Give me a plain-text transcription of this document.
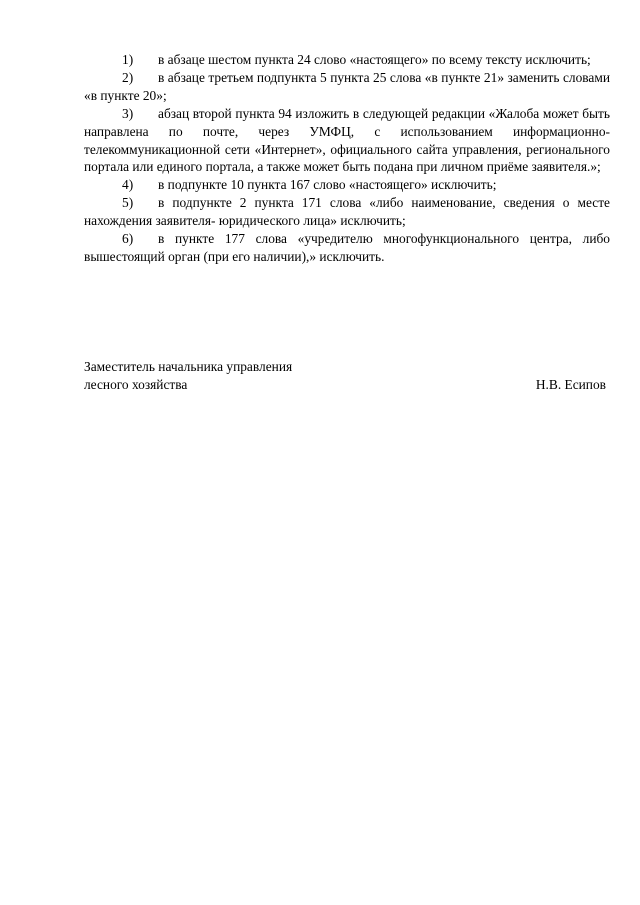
1) в абзаце шестом пункта 24 слово «настоящего» по всему тексту исключить;

2) в абзаце третьем подпункта 5 пункта 25 слова «в пункте 21» заменить словами «в пункте 20»;

3) абзац второй пункта 94 изложить в следующей редакции «Жалоба может быть направлена по почте, через УМФЦ, с использованием информационно-телекоммуникационной сети «Интернет», официального сайта управления, регионального портала или единого портала, а также может быть подана при личном приёме заявителя.»;

4) в подпункте 10 пункта 167 слово «настоящего» исключить;

5) в подпункте 2 пункта 171 слова «либо наименование, сведения о месте нахождения заявителя- юридического лица» исключить;

6) в пункте 177 слова «учредителю многофункционального центра, либо вышестоящий орган (при его наличии),» исключить.

Заместитель начальника управления
лесного хозяйства	Н.В. Есипов
